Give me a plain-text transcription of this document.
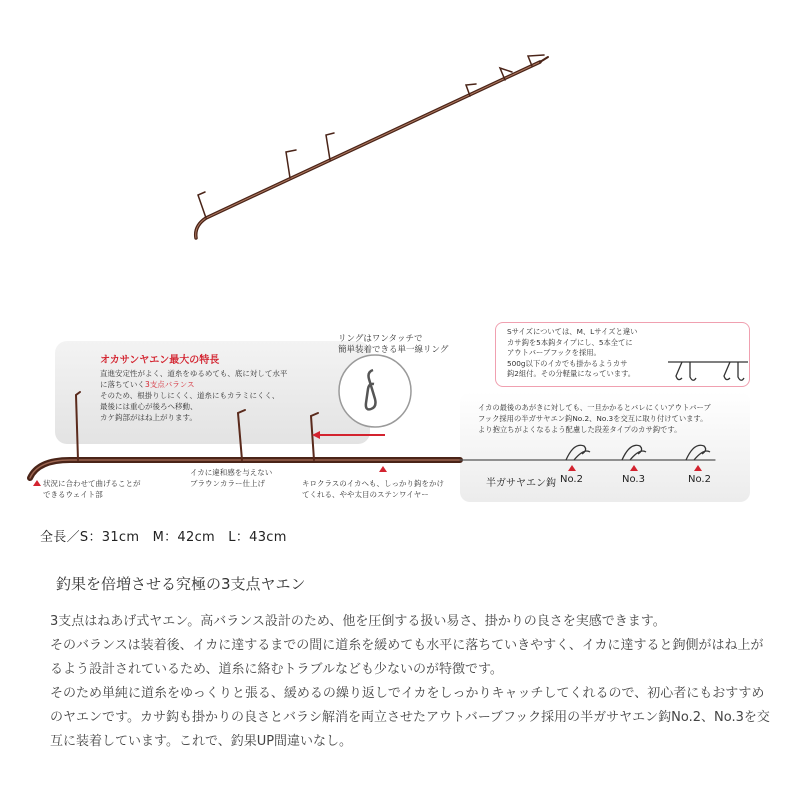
オカサンヤエン最大の特長
直進安定性がよく、道糸をゆるめても、底に対して水平
に落ちていく3支点バランス
そのため、根掛りしにくく、道糸にもカラミにくく、
最後には重心が後ろへ移動、
カケ鈎部がはね上がります。
リングはワンタッチで
簡単装着できる単一線リング
Sサイズについては、M、Lサイズと違い
カサ鈎を5本鈎タイプにし、5本全てに
アウトバーブフックを採用。
500g以下のイカでも掛かるようカサ
鈎2組付。その分軽量になっています。
イカの最後のあがきに対しても、一旦かかるとバレにくいアウトバーブ
フック採用の半ガサヤエン鈎No.2、No.3を交互に取り付けています。
より抱立ちがよくなるよう配慮した段差タイプのカサ鈎です。
状況に合わせて曲げることが
できるウェイト部
イカに違和感を与えない
ブラウンカラー仕上げ	キロクラスのイカへも、しっかり鈎をかけ
てくれる、やや太目のステンワイヤー
半ガサヤエン鈎 No.2	No.3	No.2
全長／S：31cm　M：42cm　L：43cm
釣果を倍増させる究極の3支点ヤエン

3支点はねあげ式ヤエン。高バランス設計のため、他を圧倒する扱い易さ、掛かりの良さを実感できます。

そのバランスは装着後、イカに達するまでの間に道糸を緩めても水平に落ちていきやすく、イカに達すると鉤側がはね上がるよう設計されているため、道糸に絡むトラブルなども少ないのが特徴です。

そのため単純に道糸をゆっくりと張る、緩めるの繰り返しでイカをしっかりキャッチしてくれるので、初心者にもおすすめのヤエンです。カサ鈎も掛かりの良さとバラシ解消を両立させたアウトバーブフック採用の半ガサヤエン鈎No.2、No.3を交互に装着しています。これで、釣果UP間違いなし。
